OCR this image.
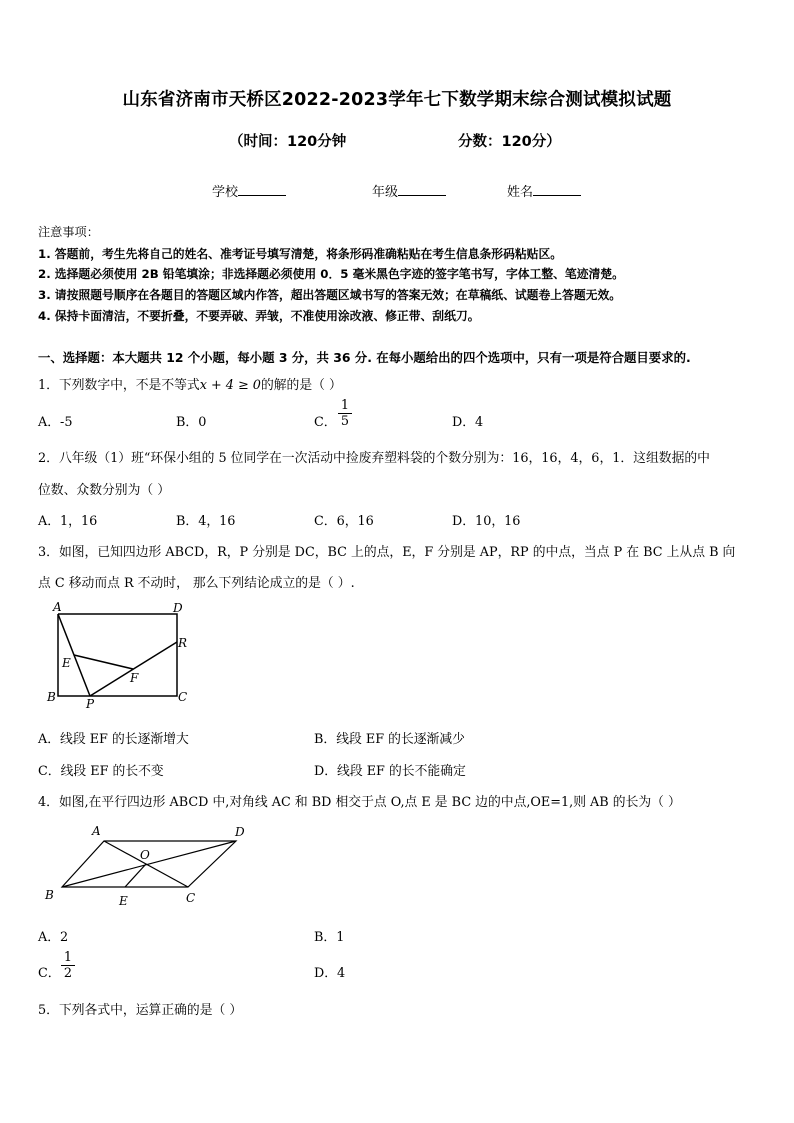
山东省济南市天桥区2022-2023学年七下数学期末综合测试模拟试题
（时间：120分钟	分数：120分）
学校	年级	姓名
注意事项：
1. 答题前，考生先将自己的姓名、准考证号填写清楚，将条形码准确粘贴在考生信息条形码粘贴区。
2. 选择题必须使用 2B 铅笔填涂；非选择题必须使用 0．5 毫米黑色字迹的签字笔书写，字体工整、笔迹清楚。
3. 请按照题号顺序在各题目的答题区域内作答，超出答题区域书写的答案无效；在草稿纸、试题卷上答题无效。
4. 保持卡面清洁，不要折叠，不要弄破、弄皱，不准使用涂改液、修正带、刮纸刀。
一、选择题：本大题共 12 个小题，每小题 3 分，共 36 分. 在每小题给出的四个选项中，只有一项是符合题目要求的.
1．下列数字中，不是不等式x + 4 ≥ 0的解的是（ ）
A．-5	B．0	C． $\frac{1}{5}$	D．4
2．八年级（1）班“环保小组的 5 位同学在一次活动中捡废弃塑料袋的个数分别为：16，16，4，6，1．这组数据的中
位数、众数分别为（ ）
A．1，16	B．4，16	C．6，16	D．10，16
3．如图，已知四边形 ABCD，R，P 分别是 DC，BC 上的点，E，F 分别是 AP，RP 的中点，当点 P 在 BC 上从点 B 向
点 C 移动而点 R 不动时， 那么下列结论成立的是（ ）.
A	D
R
E
F
B	P	C
A．线段 EF 的长逐渐增大	B．线段 EF 的长逐渐减少
C．线段 EF 的长不变	D．线段 EF 的长不能确定
4．如图,在平行四边形 ABCD 中,对角线 AC 和 BD 相交于点 O,点 E 是 BC 边的中点,OE=1,则 AB 的长为（ ）
A	D
O
B	E	C
A．2	B．1
C． $\frac{1}{2}$	D．4
5．下列各式中，运算正确的是（ ）
